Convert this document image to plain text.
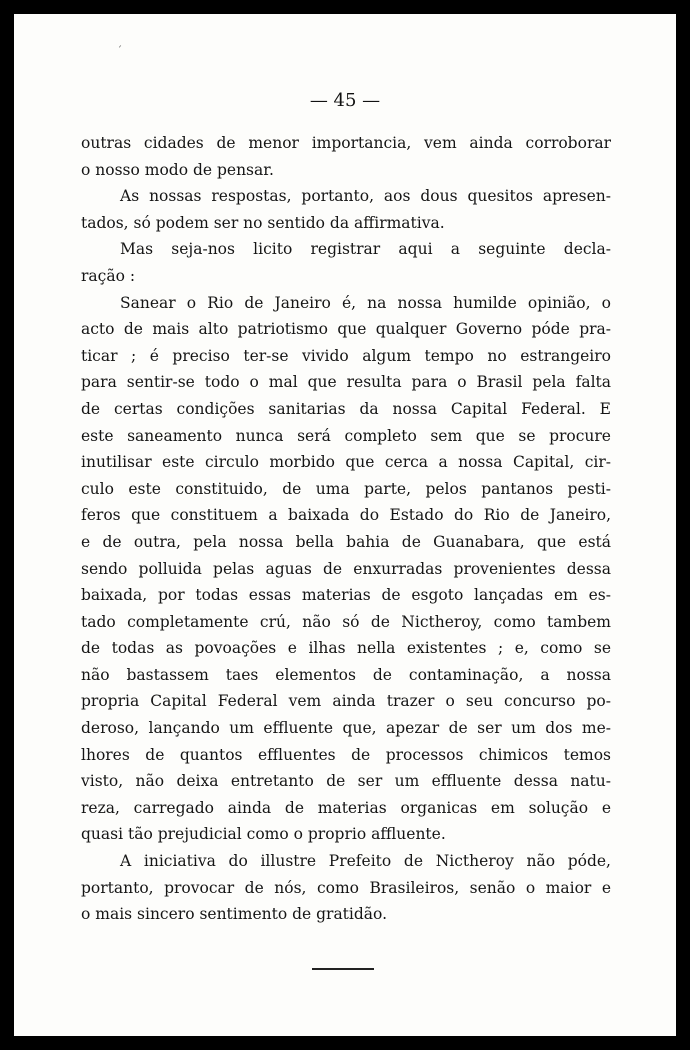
´
— 45 —
outras cidades de menor importancia, vem ainda corroborar
o nosso modo de pensar.
As nossas respostas, portanto, aos dous quesitos apresen-
tados, só podem ser no sentido da affirmativa.
Mas seja-nos licito registrar aqui a seguinte decla-
ração :
Sanear o Rio de Janeiro é, na nossa humilde opinião, o
acto de mais alto patriotismo que qualquer Governo póde pra-
ticar ; é preciso ter-se vivido algum tempo no estrangeiro
para sentir-se todo o mal que resulta para o Brasil pela falta
de certas condições sanitarias da nossa Capital Federal. E
este saneamento nunca será completo sem que se procure
inutilisar este circulo morbido que cerca a nossa Capital, cir-
culo este constituido, de uma parte, pelos pantanos pesti-
feros que constituem a baixada do Estado do Rio de Janeiro,
e de outra, pela nossa bella bahia de Guanabara, que está
sendo polluida pelas aguas de enxurradas provenientes dessa
baixada, por todas essas materias de esgoto lançadas em es-
tado completamente crú, não só de Nictheroy, como tambem
de todas as povoações e ilhas nella existentes ; e, como se
não bastassem taes elementos de contaminação, a nossa
propria Capital Federal vem ainda trazer o seu concurso po-
deroso, lançando um effluente que, apezar de ser um dos me-
lhores de quantos effluentes de processos chimicos temos
visto, não deixa entretanto de ser um effluente dessa natu-
reza, carregado ainda de materias organicas em solução e
quasi tão prejudicial como o proprio affluente.
A iniciativa do illustre Prefeito de Nictheroy não póde,
portanto, provocar de nós, como Brasileiros, senão o maior e
o mais sincero sentimento de gratidão.
